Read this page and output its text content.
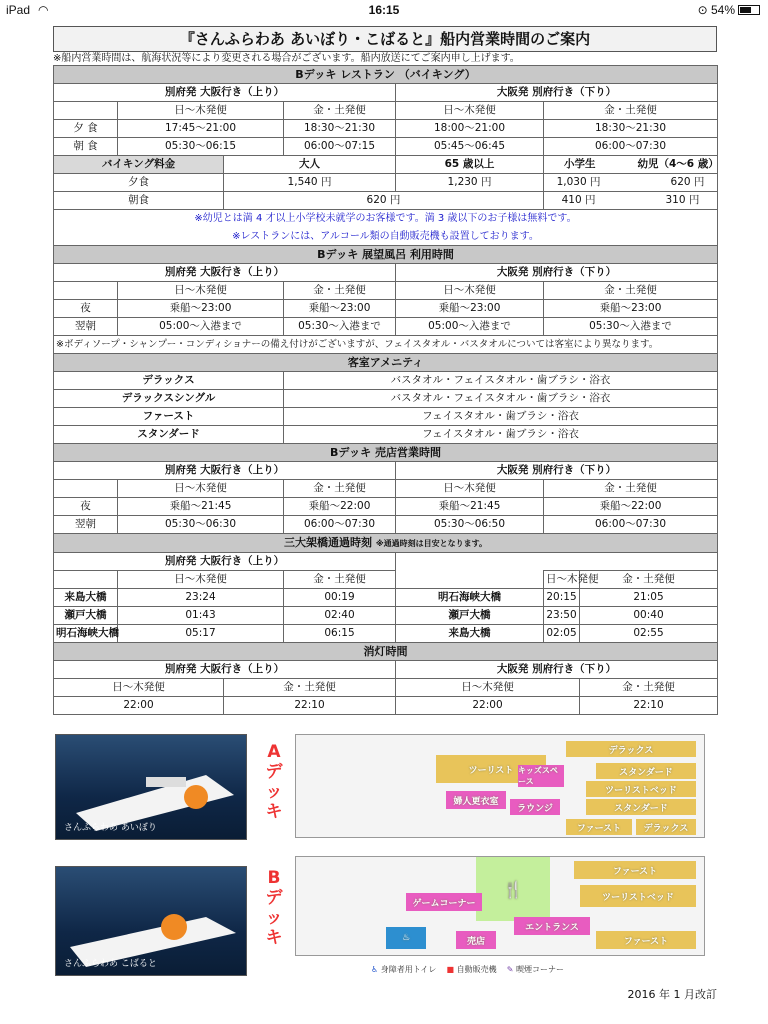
iPad ◠	16:15	⊙ 54%
『さんふらわあ あいぼり・こばると』船内営業時間のご案内
※船内営業時間は、航海状況等により変更される場合がございます。船内放送にてご案内申し上げます。
Bデッキ レストラン （バイキング）						
別府発 大阪行き（上り）				大阪発 別府行き（下り）		
	日～木発便		金・土発便	日～木発便	金・土発便	
夕 食	17:45～21:00		18:30～21:30	18:00～21:00	18:30～21:30	
朝 食	05:30～06:15		06:00～07:15	05:45～06:45	06:00～07:30	
バイキング料金		大人		65 歳以上	小学生 幼児（4～6 歳）	
夕食		1,540 円		1,230 円	1,030 円 620 円	
朝食		620 円			410 円 310 円	
※幼児とは満 4 才以上小学校未就学のお客様です。満 3 歳以下のお子様は無料です。						
※レストランには、アルコール類の自動販売機も設置しております。						
Bデッキ 展望風呂 利用時間						
別府発 大阪行き（上り）				大阪発 別府行き（下り）		
	日～木発便		金・土発便	日～木発便	金・土発便	
夜	乗船～23:00		乗船～23:00	乗船～23:00	乗船～23:00	
翌朝	05:00～入港まで		05:30～入港まで	05:00～入港まで	05:30～入港まで	
※ボディソープ・シャンプー・コンディショナーの備え付けがございますが、フェイスタオル・バスタオルについては客室により異なります。						
客室アメニティ						
デラックス			バスタオル・フェイスタオル・歯ブラシ・浴衣			
デラックスシングル			バスタオル・フェイスタオル・歯ブラシ・浴衣			
ファースト			フェイスタオル・歯ブラシ・浴衣			
スタンダード			フェイスタオル・歯ブラシ・浴衣			
Bデッキ 売店営業時間						
別府発 大阪行き（上り）				大阪発 別府行き（下り）		
	日～木発便		金・土発便	日～木発便	金・土発便	
夜	乗船～21:45		乗船～22:00	乗船～21:45	乗船～22:00	
翌朝	05:30～06:30		06:00～07:30	05:30～06:50	06:00～07:30	
三大架橋通過時刻 ※通過時刻は目安となります。						
別府発 大阪行き（上り）						
	日～木発便		金・土発便		日～木発便	金・土発便
来島大橋	23:24		00:19	明石海峡大橋	20:15	21:05
瀬戸大橋	01:43		02:40	瀬戸大橋	23:50	00:40
明石海峡大橋	05:17		06:15	来島大橋	02:05	02:55
消灯時間						
別府発 大阪行き（上り）				大阪発 別府行き（下り）		
日～木発便		金・土発便		日～木発便		金・土発便
22:00		22:10		22:00		22:10
さんふらわあ あいぼり
Aデッキ
デラックス
ツーリスト キッズスペース
スタンダード
ツーリストベッド
婦人更衣室
ラウンジ	スタンダード
ファースト	デラックス
さんふらわあ こばると
Bデッキ
🍴
ファースト
ゲームコーナー
ツーリストベッド
エントランス
売店	ファースト
♨
♿ 身障者用トイレ ■ 自動販売機 ✎ 喫煙コーナー
2016 年 1 月改訂
